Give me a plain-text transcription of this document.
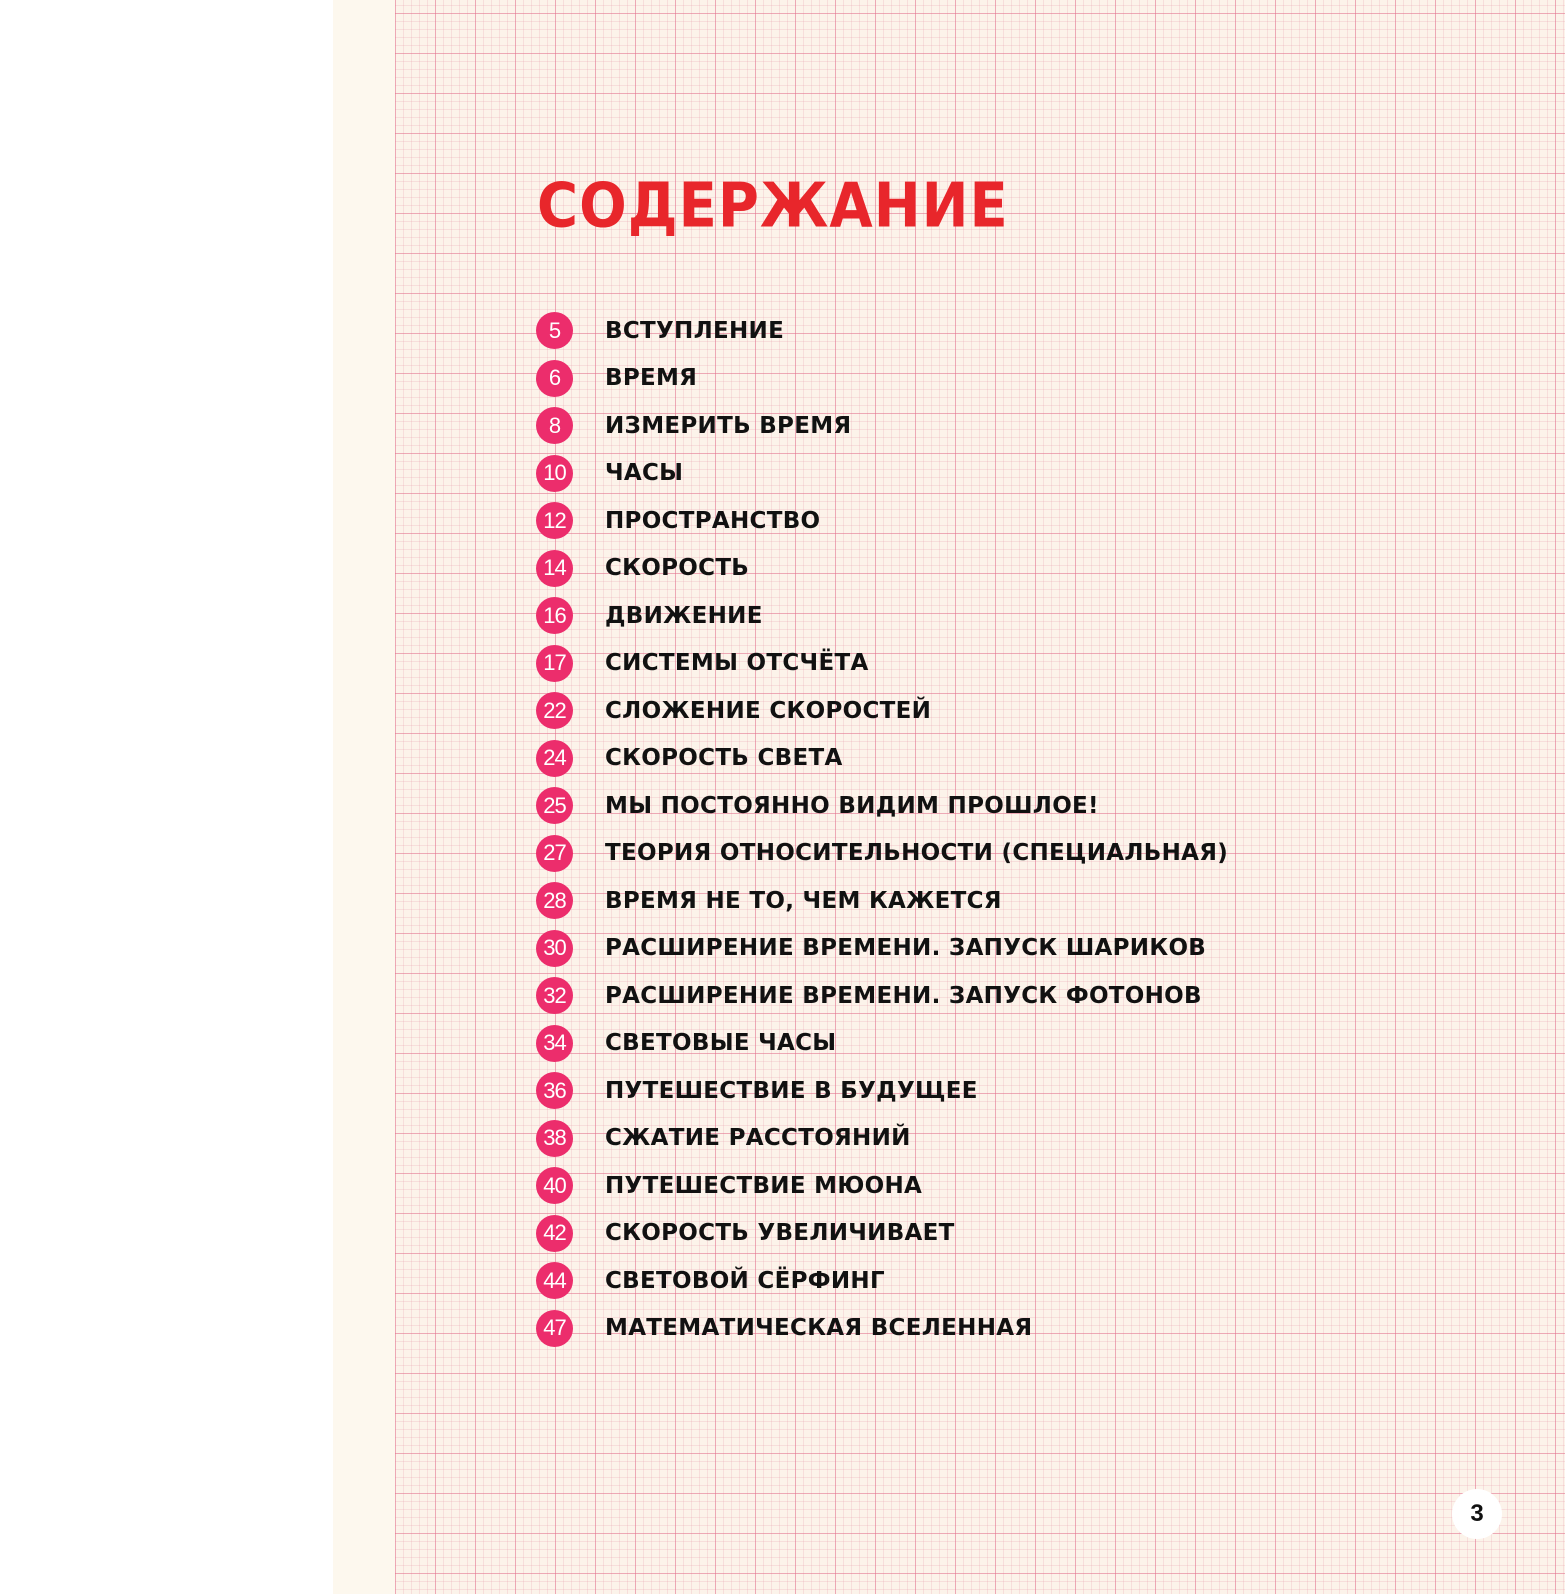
СОДЕРЖАНИЕ
5	ВСТУПЛЕНИЕ
6	ВРЕМЯ
8	ИЗМЕРИТЬ ВРЕМЯ
10	ЧАСЫ
12	ПРОСТРАНСТВО
14	СКОРОСТЬ
16	ДВИЖЕНИЕ
17	СИСТЕМЫ ОТСЧЁТА
22	СЛОЖЕНИЕ СКОРОСТЕЙ
24	СКОРОСТЬ СВЕТА
25	МЫ ПОСТОЯННО ВИДИМ ПРОШЛОЕ!
27	ТЕОРИЯ ОТНОСИТЕЛЬНОСТИ (СПЕЦИАЛЬНАЯ)
28	ВРЕМЯ НЕ ТО, ЧЕМ КАЖЕТСЯ
30	РАСШИРЕНИЕ ВРЕМЕНИ. ЗАПУСК ШАРИКОВ
32	РАСШИРЕНИЕ ВРЕМЕНИ. ЗАПУСК ФОТОНОВ
34	СВЕТОВЫЕ ЧАСЫ
36	ПУТЕШЕСТВИЕ В БУДУЩЕЕ
38	СЖАТИЕ РАССТОЯНИЙ
40	ПУТЕШЕСТВИЕ МЮОНА
42	СКОРОСТЬ УВЕЛИЧИВАЕТ
44	СВЕТОВОЙ СЁРФИНГ
47	МАТЕМАТИЧЕСКАЯ ВСЕЛЕННАЯ
3
